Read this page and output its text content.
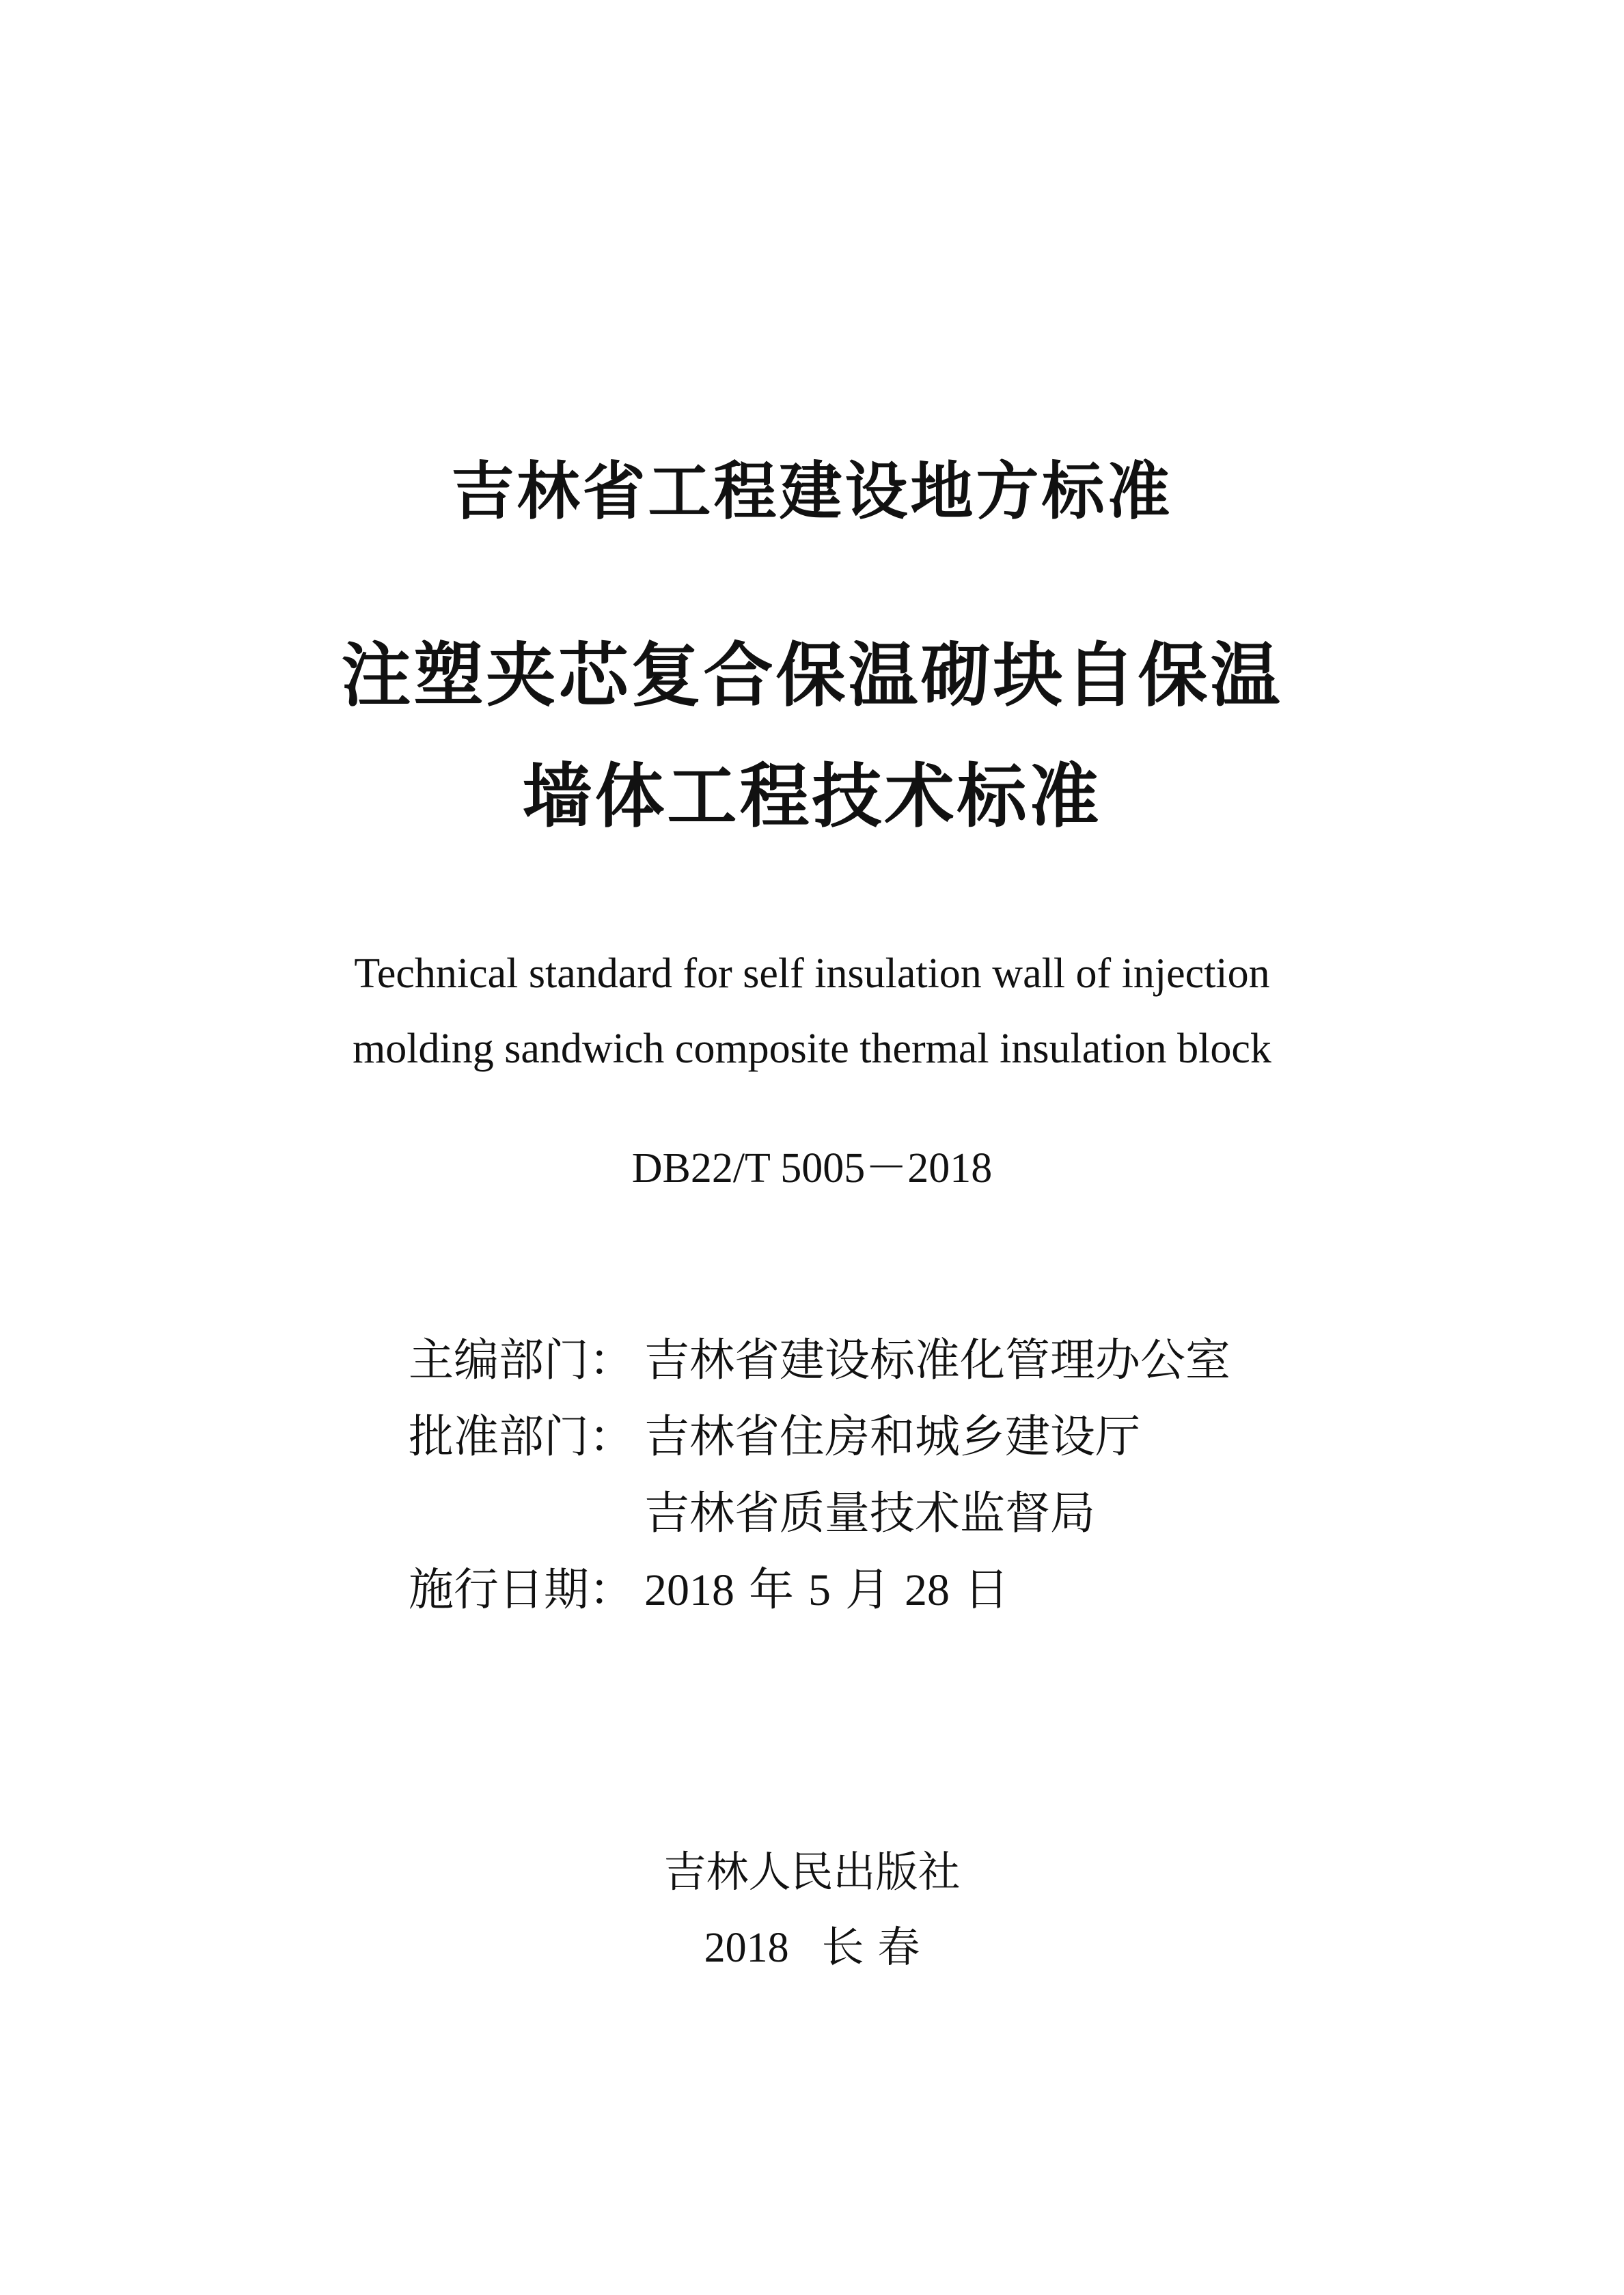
吉林省工程建设地方标准
注塑夹芯复合保温砌块自保温
墙体工程技术标准
Technical standard for self insulation wall of injection
molding sandwich composite thermal insulation block
DB22/T 5005－2018
主编部门： 吉林省建设标准化管理办公室
批准部门： 吉林省住房和城乡建设厅
吉林省质量技术监督局
施行日期： 2018 年 5 月 28 日
吉林人民出版社
2018 长 春
